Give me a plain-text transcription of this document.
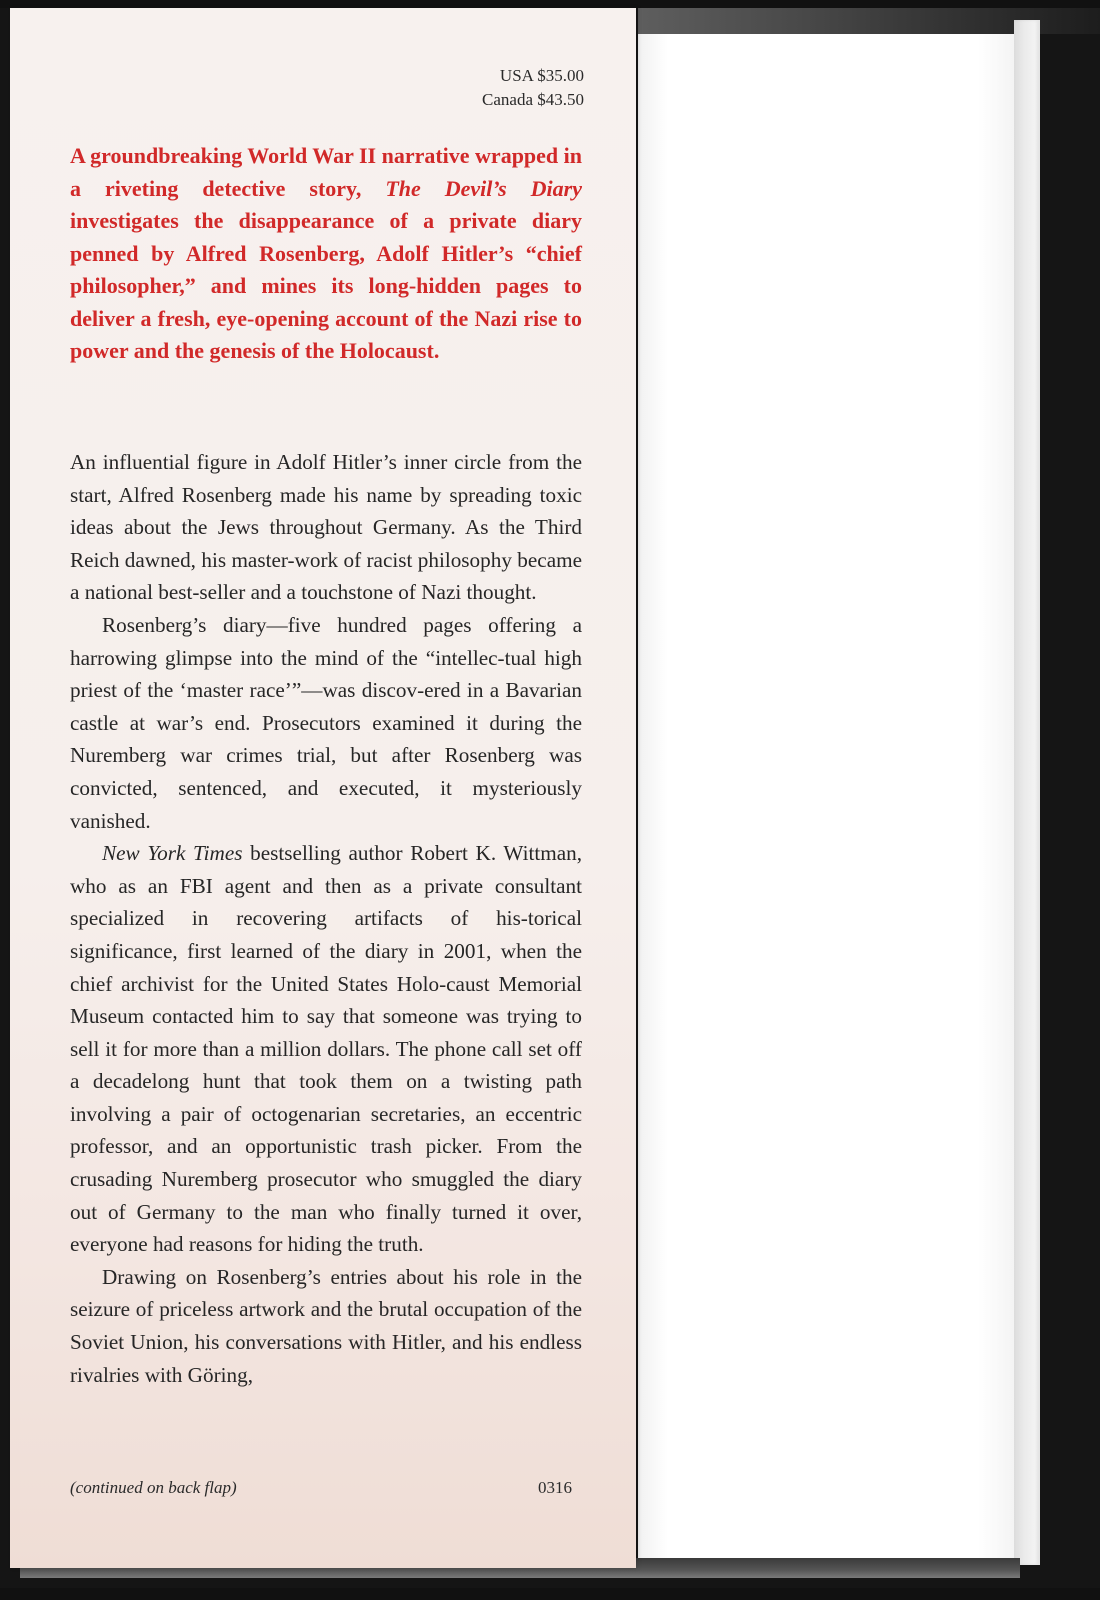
USA $35.00
Canada $43.50

A groundbreaking World War II narrative wrapped in a riveting detective story, The Devil’s Diary investigates the disappearance of a private diary penned by Alfred Rosenberg, Adolf Hitler’s “chief philosopher,” and mines its long-hidden pages to deliver a fresh, eye-opening account of the Nazi rise to power and the genesis of the Holocaust.

An influential figure in Adolf Hitler’s inner circle from the start, Alfred Rosenberg made his name by spreading toxic ideas about the Jews throughout Germany. As the Third Reich dawned, his master-work of racist philosophy became a national best-seller and a touchstone of Nazi thought.

Rosenberg’s diary—five hundred pages offering a harrowing glimpse into the mind of the “intellec-tual high priest of the ‘master race’”—was discov-ered in a Bavarian castle at war’s end. Prosecutors examined it during the Nuremberg war crimes trial, but after Rosenberg was convicted, sentenced, and executed, it mysteriously vanished.

New York Times bestselling author Robert K. Wittman, who as an FBI agent and then as a private consultant specialized in recovering artifacts of his-torical significance, first learned of the diary in 2001, when the chief archivist for the United States Holo-caust Memorial Museum contacted him to say that someone was trying to sell it for more than a million dollars. The phone call set off a decadelong hunt that took them on a twisting path involving a pair of octogenarian secretaries, an eccentric professor, and an opportunistic trash picker. From the crusading Nuremberg prosecutor who smuggled the diary out of Germany to the man who finally turned it over, everyone had reasons for hiding the truth.

Drawing on Rosenberg’s entries about his role in the seizure of priceless artwork and the brutal occupation of the Soviet Union, his conversations with Hitler, and his endless rivalries with Göring,

(continued on back flap)	0316
